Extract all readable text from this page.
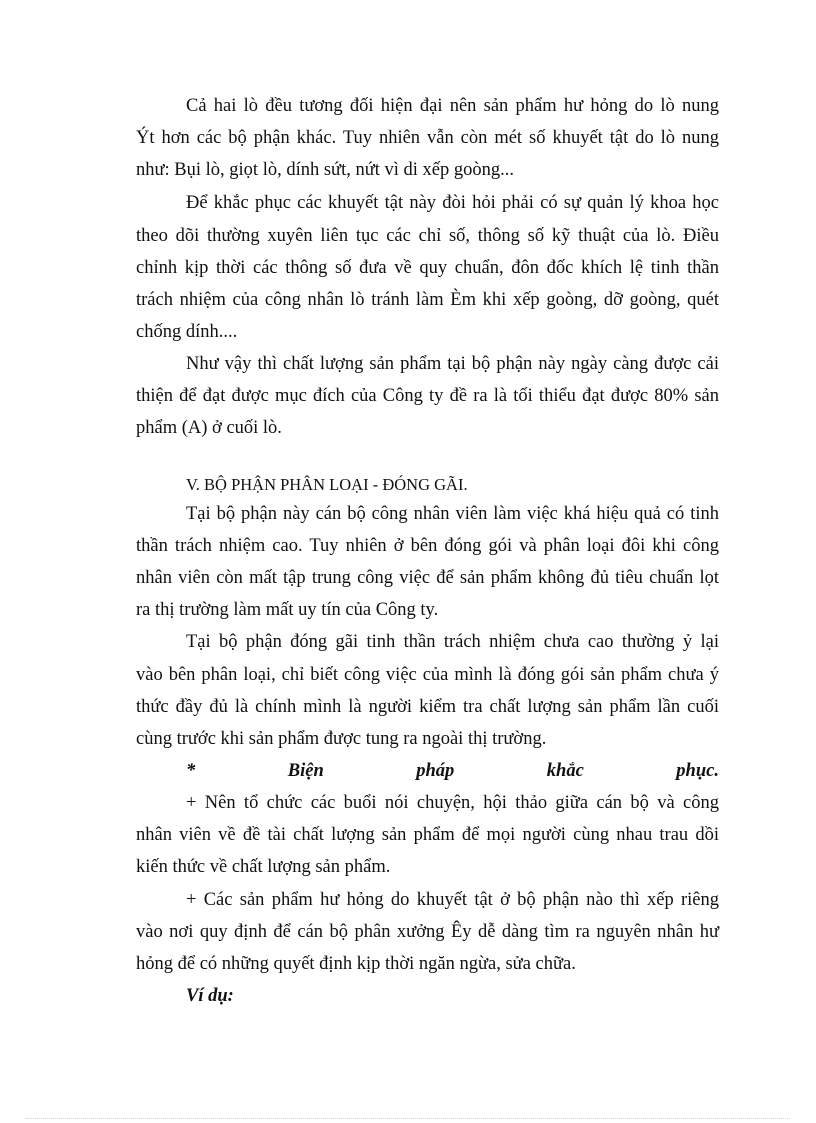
Cả hai lò đều tương đối hiện đại nên sản phẩm hư hỏng do lò nung
Ýt hơn các bộ phận khác. Tuy nhiên vẫn còn mét số khuyết tật do lò nung
như: Bụi lò, giọt lò, dính sứt, nứt vì di xếp goòng...
Để khắc phục các khuyết tật này đòi hỏi phải có sự quản lý khoa học
theo dõi thường xuyên liên tục các chỉ số, thông số kỹ thuật của lò. Điều
chỉnh kịp thời các thông số đưa về quy chuẩn, đôn đốc khích lệ tinh thần
trách nhiệm của công nhân lò tránh làm Èm khi xếp goòng, dỡ goòng, quét
chống dính....
Như vậy thì chất lượng sản phẩm tại bộ phận này ngày càng được cải
thiện để đạt được mục đích của Công ty đề ra là tối thiểu đạt được 80% sản
phẩm (A) ở cuối lò.
V. BỘ PHẬN PHÂN LOẠI - ĐÓNG GÃI.
Tại bộ phận này cán bộ công nhân viên làm việc khá hiệu quả có tinh
thần trách nhiệm cao. Tuy nhiên ở bên đóng gói và phân loại đôi khi công
nhân viên còn mất tập trung công việc để sản phẩm không đủ tiêu chuẩn lọt
ra thị trường làm mất uy tín của Công ty.
Tại bộ phận đóng gãi tinh thần trách nhiệm chưa cao thường ỷ lại
vào bên phân loại, chỉ biết công việc của mình là đóng gói sản phẩm chưa ý
thức đầy đủ là chính mình là người kiểm tra chất lượng sản phẩm lần cuối
cùng trước khi sản phẩm được tung ra ngoài thị trường.
*	Biện	pháp	khắc	phục.
+ Nên tổ chức các buổi nói chuyện, hội thảo giữa cán bộ và công
nhân viên về đề tài chất lượng sản phẩm để mọi người cùng nhau trau dồi
kiến thức về chất lượng sản phẩm.
+ Các sản phẩm hư hỏng do khuyết tật ở bộ phận nào thì xếp riêng
vào nơi quy định để cán bộ phân xưởng Êy dễ dàng tìm ra nguyên nhân hư
hỏng để có những quyết định kịp thời ngăn ngừa, sửa chữa.
Ví dụ:
